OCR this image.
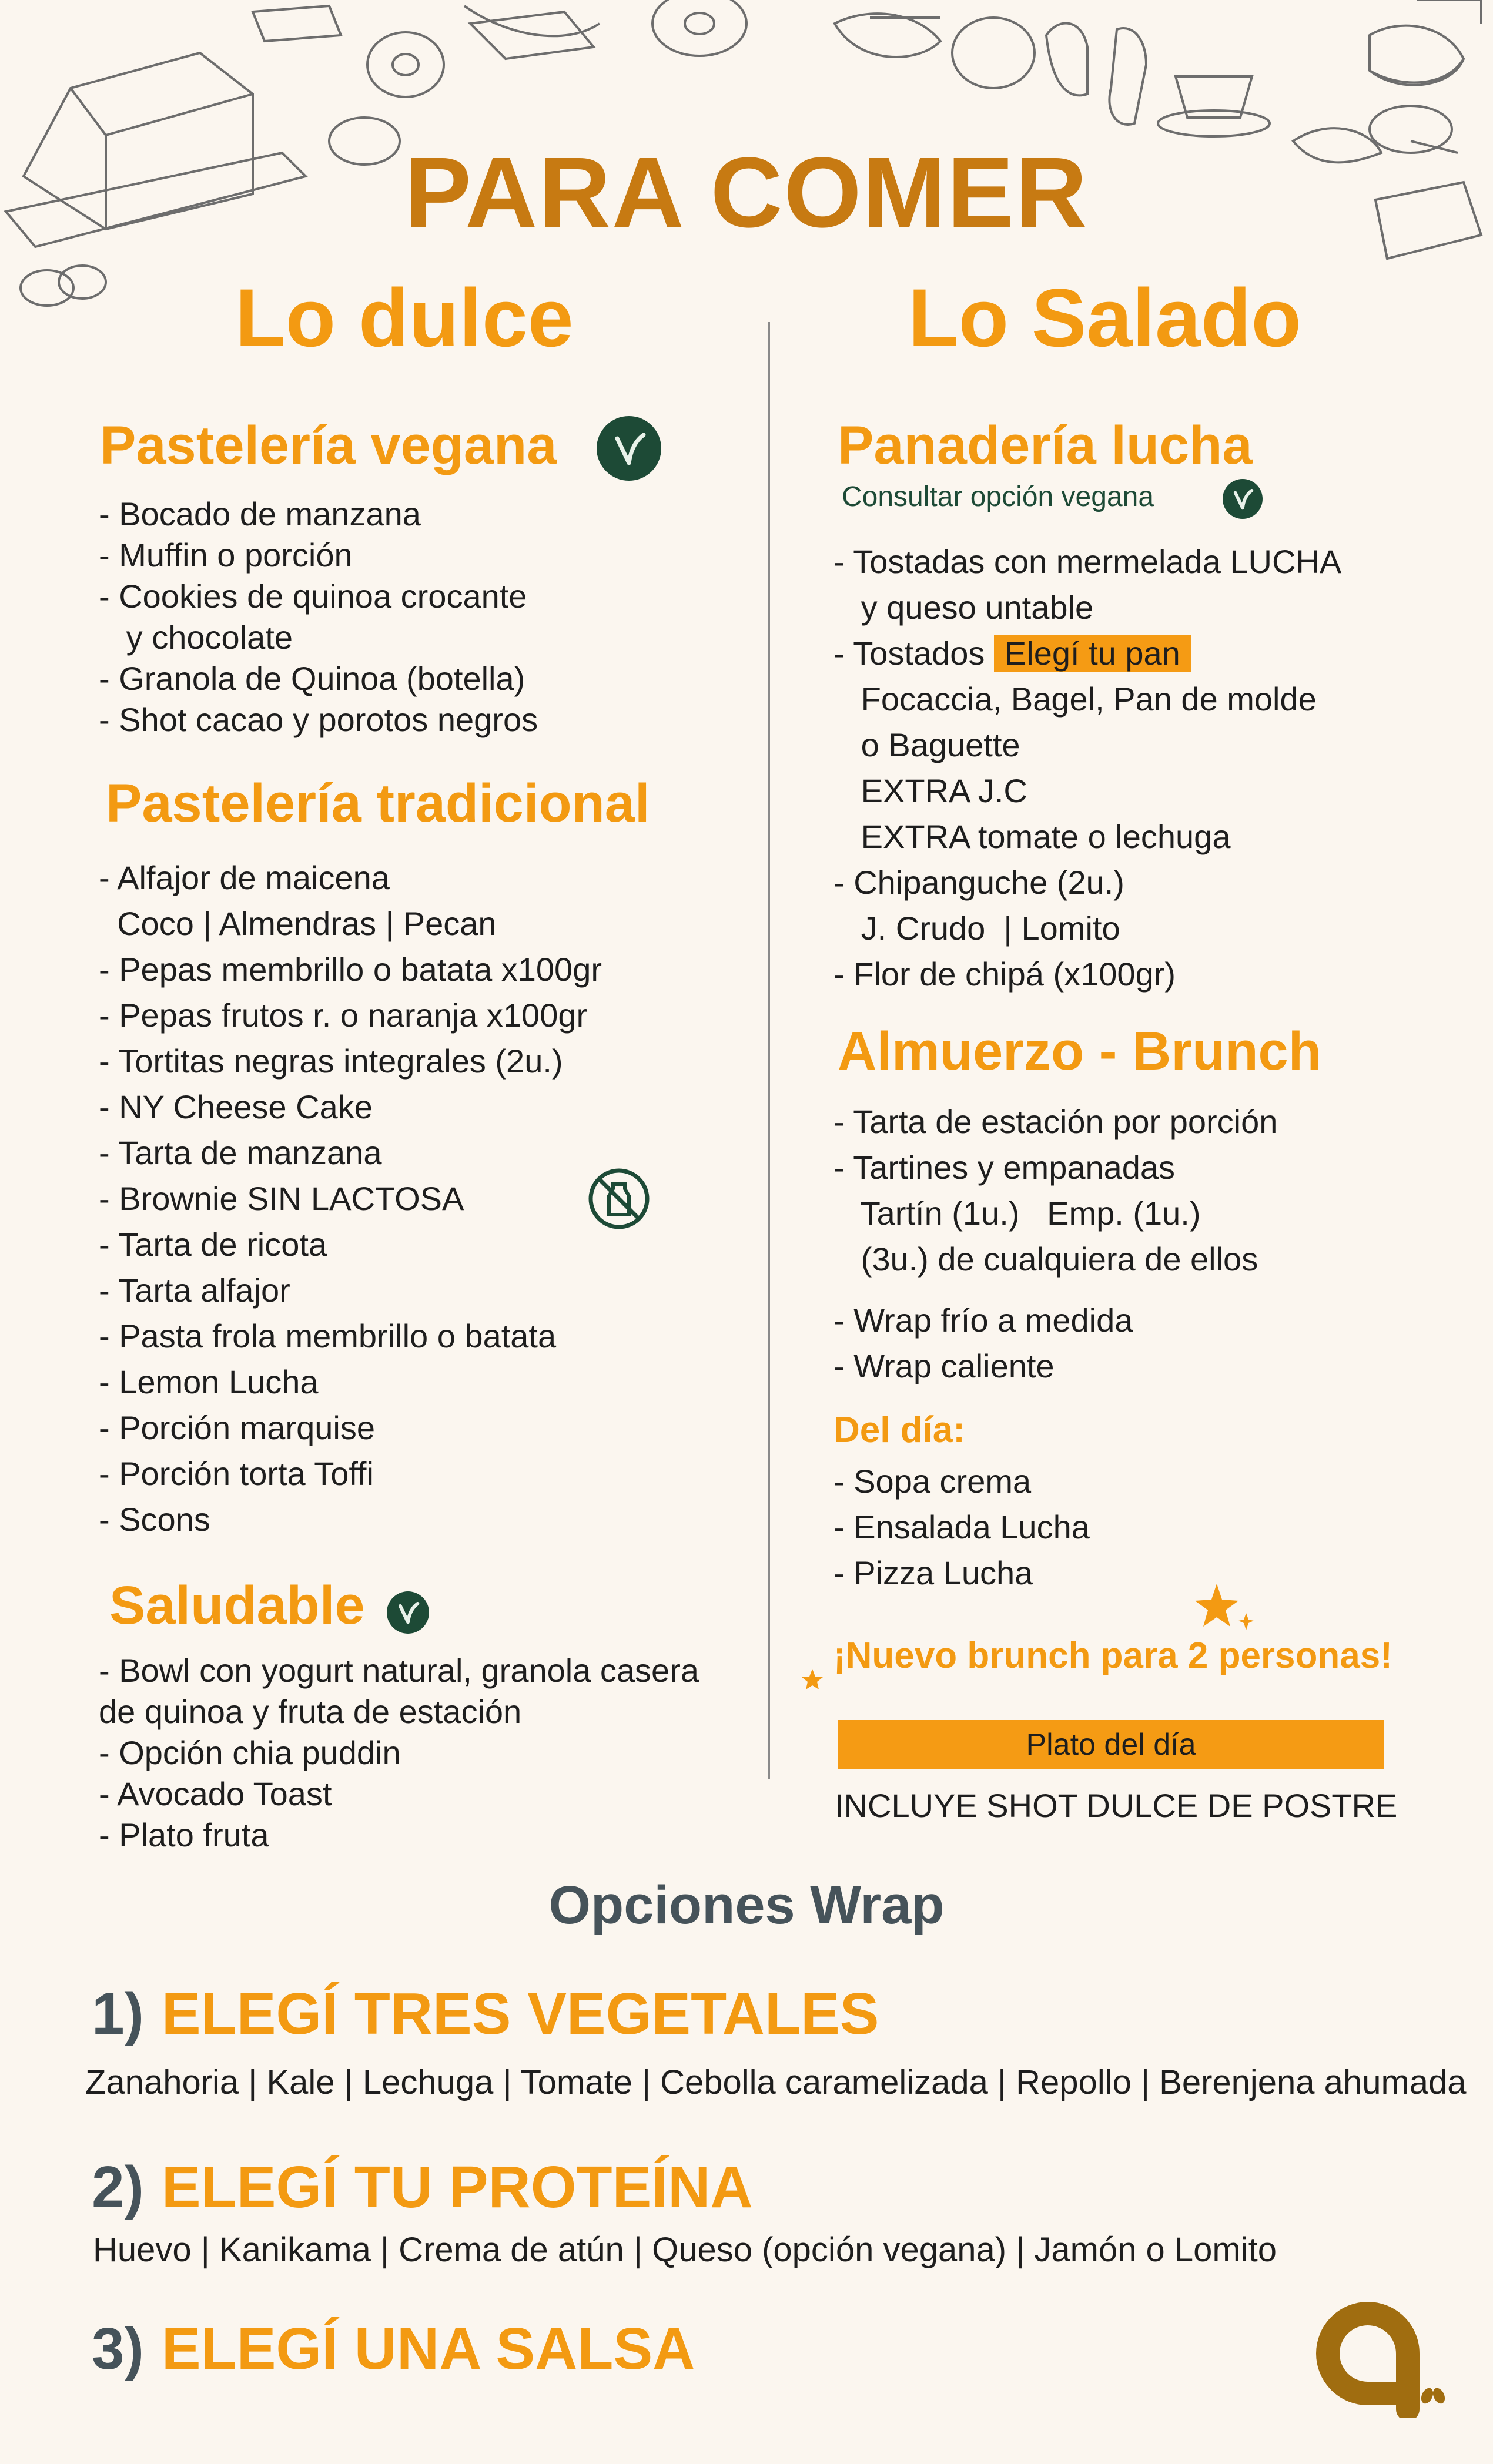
PARA COMER
Lo dulce
Pastelería vegana
- Bocado de manzana
- Muffin o porción
- Cookies de quinoa crocante
y chocolate
- Granola de Quinoa (botella)
- Shot cacao y porotos negros
Pastelería tradicional
- Alfajor de maicena
Coco | Almendras | Pecan
- Pepas membrillo o batata x100gr
- Pepas frutos r. o naranja x100gr
- Tortitas negras integrales (2u.)
- NY Cheese Cake
- Tarta de manzana
- Brownie SIN LACTOSA
- Tarta de ricota
- Tarta alfajor
- Pasta frola membrillo o batata
- Lemon Lucha
- Porción marquise
- Porción torta Toffi
- Scons
Saludable
- Bowl con yogurt natural, granola casera
de quinoa y fruta de estación
- Opción chia puddin
- Avocado Toast
- Plato fruta
Lo Salado
Panadería lucha
Consultar opción vegana
- Tostadas con mermelada LUCHA
y queso untable
- Tostados Elegí tu pan
Focaccia, Bagel, Pan de molde
o Baguette
EXTRA J.C
EXTRA tomate o lechuga
- Chipanguche (2u.)
J. Crudo  | Lomito
- Flor de chipá (x100gr)
Almuerzo - Brunch
- Tarta de estación por porción
- Tartines y empanadas
Tartín (1u.)   Emp. (1u.)
(3u.) de cualquiera de ellos
- Wrap frío a medida
- Wrap caliente
Del día:
- Sopa crema
- Ensalada Lucha
- Pizza Lucha
¡Nuevo brunch para 2 personas!
Plato del día
INCLUYE SHOT DULCE DE POSTRE
Opciones Wrap
1) ELEGÍ TRES VEGETALES
Zanahoria | Kale | Lechuga | Tomate | Cebolla caramelizada | Repollo | Berenjena ahumada
2) ELEGÍ TU PROTEÍNA
Huevo | Kanikama | Crema de atún | Queso (opción vegana) | Jamón o Lomito
3) ELEGÍ UNA SALSA
